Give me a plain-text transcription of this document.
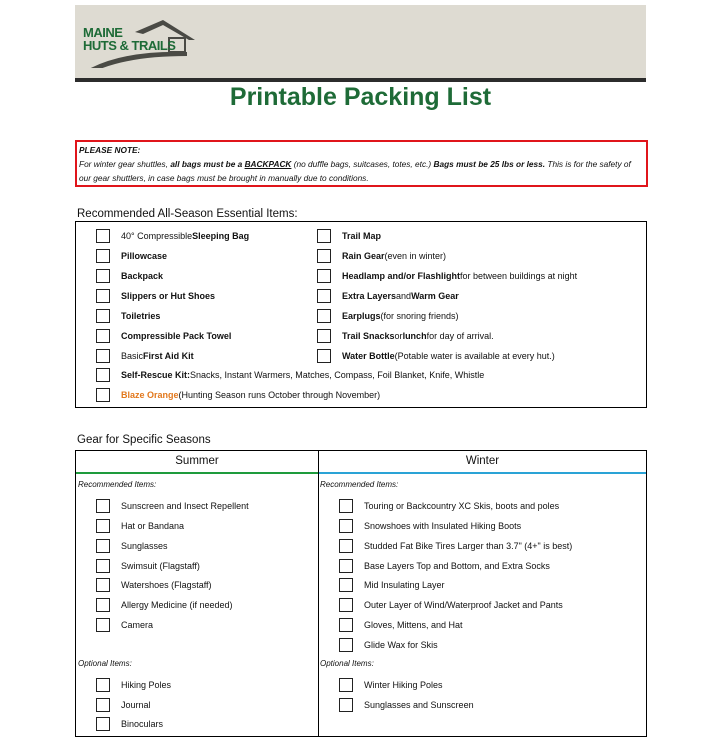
MAINE
HUTS & TRAILS
Printable Packing List
PLEASE NOTE:
For winter gear shuttles, all bags must be a BACKPACK (no duffle bags, suitcases, totes, etc.) Bags must be 25 lbs or less. This is for the safety of our gear shuttlers, in case bags must be brought in manually due to conditions.
Recommended All-Season Essential Items:
40° Compressible Sleeping Bag
Pillowcase
Backpack
Slippers or Hut Shoes
Toiletries
Compressible Pack Towel
Basic First Aid Kit
Trail Map
Rain Gear (even in winter)
Headlamp and/or Flashlight for between buildings at night
Extra Layers and Warm Gear
Earplugs (for snoring friends)
Trail Snacks or lunch for day of arrival.
Water Bottle (Potable water is available at every hut.)
Self-Rescue Kit: Snacks, Instant Warmers, Matches, Compass, Foil Blanket, Knife, Whistle
Blaze Orange (Hunting Season runs October through November)
Gear for Specific Seasons
Summer
Recommended Items:
Sunscreen and Insect Repellent
Hat or Bandana
Sunglasses
Swimsuit (Flagstaff)
Watershoes (Flagstaff)
Allergy Medicine (if needed)
Camera
Optional Items:
Hiking Poles
Journal
Binoculars
Winter
Recommended Items:
Touring or Backcountry XC Skis, boots and poles
Snowshoes with Insulated Hiking Boots
Studded Fat Bike Tires Larger than 3.7" (4+" is best)
Base Layers Top and Bottom, and Extra Socks
Mid Insulating Layer
Outer Layer of Wind/Waterproof Jacket and Pants
Gloves, Mittens, and Hat
Glide Wax for Skis
Optional Items:
Winter Hiking Poles
Sunglasses and Sunscreen
